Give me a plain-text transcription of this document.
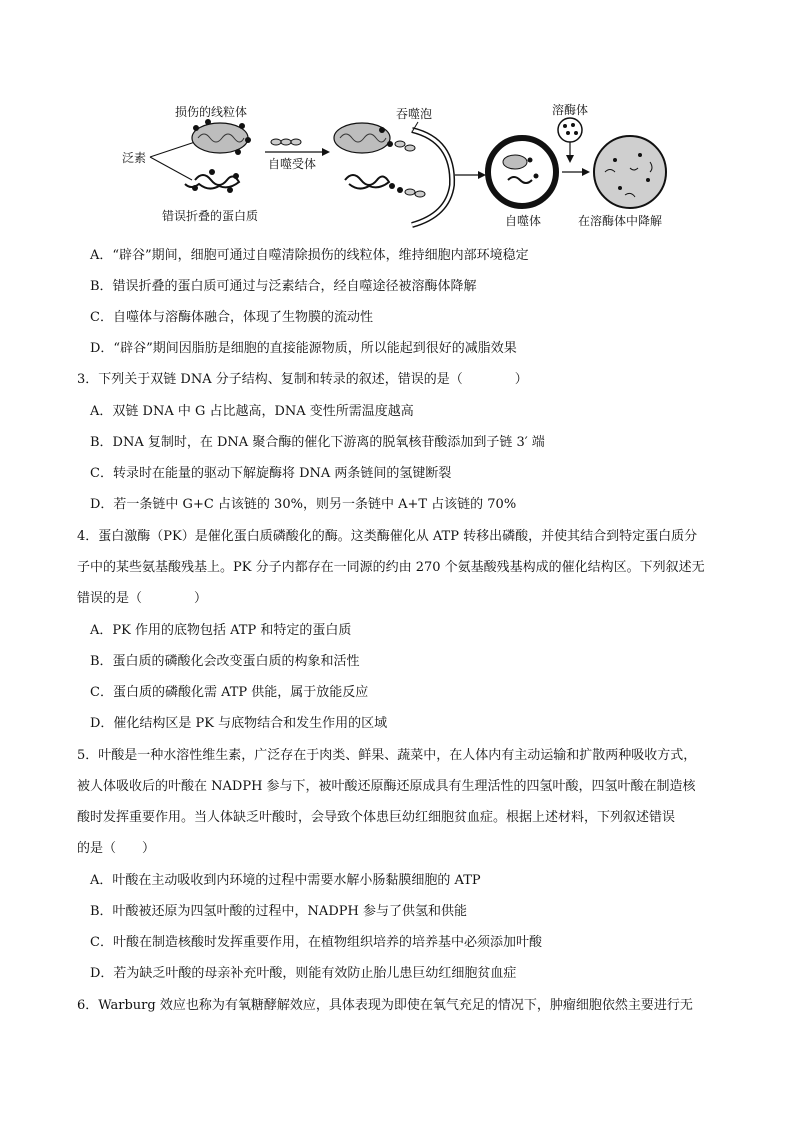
损伤的线粒体
泛素
错误折叠的蛋白质
自噬受体
吞噬泡	溶酶体
自噬体	在溶酶体中降解
A．“辟谷”期间，细胞可通过自噬清除损伤的线粒体，维持细胞内部环境稳定
B．错误折叠的蛋白质可通过与泛素结合，经自噬途径被溶酶体降解
C．自噬体与溶酶体融合，体现了生物膜的流动性
D．“辟谷”期间因脂肪是细胞的直接能源物质，所以能起到很好的减脂效果
3．下列关于双链 DNA 分子结构、复制和转录的叙述，错误的是（　　　　）
A．双链 DNA 中 G 占比越高，DNA 变性所需温度越高
B．DNA 复制时，在 DNA 聚合酶的催化下游离的脱氧核苷酸添加到子链 3′ 端
C．转录时在能量的驱动下解旋酶将 DNA 两条链间的氢键断裂
D．若一条链中 G+C 占该链的 30%，则另一条链中 A+T 占该链的 70%
4．蛋白激酶（PK）是催化蛋白质磷酸化的酶。这类酶催化从 ATP 转移出磷酸，并使其结合到特定蛋白质分
子中的某些氨基酸残基上。PK 分子内都存在一同源的约由 270 个氨基酸残基构成的催化结构区。下列叙述无
错误的是（　　　　）
A．PK 作用的底物包括 ATP 和特定的蛋白质
B．蛋白质的磷酸化会改变蛋白质的构象和活性
C．蛋白质的磷酸化需 ATP 供能，属于放能反应
D．催化结构区是 PK 与底物结合和发生作用的区域
5．叶酸是一种水溶性维生素，广泛存在于肉类、鲜果、蔬菜中，在人体内有主动运输和扩散两种吸收方式，
被人体吸收后的叶酸在 NADPH 参与下，被叶酸还原酶还原成具有生理活性的四氢叶酸，四氢叶酸在制造核
酸时发挥重要作用。当人体缺乏叶酸时，会导致个体患巨幼红细胞贫血症。根据上述材料，下列叙述错误
的是（　　）
A．叶酸在主动吸收到内环境的过程中需要水解小肠黏膜细胞的 ATP
B．叶酸被还原为四氢叶酸的过程中，NADPH 参与了供氢和供能
C．叶酸在制造核酸时发挥重要作用，在植物组织培养的培养基中必须添加叶酸
D．若为缺乏叶酸的母亲补充叶酸，则能有效防止胎儿患巨幼红细胞贫血症
6．Warburg 效应也称为有氧糖酵解效应，具体表现为即使在氧气充足的情况下，肿瘤细胞依然主要进行无
